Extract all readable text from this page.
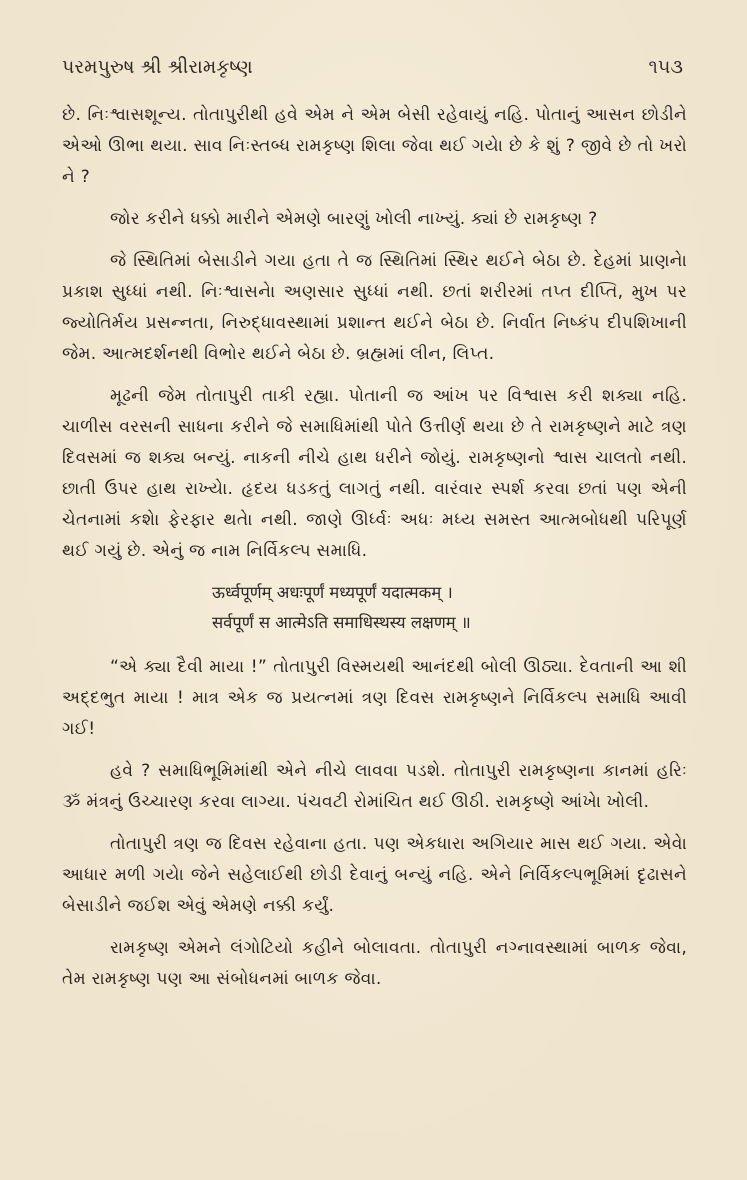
પરમપુરુષ શ્રી શ્રીરામકૃષ્ણ	૧૫૩

છે. નિઃશ્વાસશૂન્ય. તોતાપુરીથી હવે એમ ને એમ બેસી રહેવાયું નહિ. પોતાનું આસન છોડીને એઓ ઊભા થયા. સાવ નિઃસ્તબ્ધ રામકૃષ્ણ શિલા જેવા થઈ ગયેા છે કે શું ? જીવે છે તો ખરો ને ?

જોર કરીને ધક્કો મારીને એમણે બારણું ખોલી નાખ્યું. ક્યાં છે રામકૃષ્ણ ?

જે સ્થિતિમાં બેસાડીને ગયા હતા તે જ સ્થિતિમાં સ્થિર થઈને બેઠા છે. દેહમાં પ્રાણનેા પ્રકાશ સુધ્ધાં નથી. નિઃશ્વાસનેા અણસાર સુધ્ધાં નથી. છતાં શરીરમાં તપ્ત દીપ્તિ, મુખ પર જ્યોતિર્મય પ્રસન્નતા, નિરુદ્ધાવસ્થામાં પ્રશાન્ત થઈને બેઠા છે. નિર્વાત નિષ્કંપ દીપશિખાની જેમ. આત્મદર્શનથી વિભોર થઈને બેઠા છે. બ્રહ્મમાં લીન, લિપ્ત.

મૂઢની જેમ તોતાપુરી તાકી રહ્યા. પોતાની જ આંખ પર વિશ્વાસ કરી શક્યા નહિ. ચાળીસ વરસની સાધના કરીને જે સમાધિમાંથી પોતે ઉત્તીર્ણ થયા છે તે રામકૃષ્ણને માટે ત્રણ દિવસમાં જ શક્ય બન્યું. નાકની નીચે હાથ ધરીને જોયું. રામકૃષ્ણનો શ્વાસ ચાલતો નથી. છાતી ઉપર હાથ રાખ્યેા. હૃદય ધડકતું લાગતું નથી. વારંવાર સ્પર્શ કરવા છતાં પણ એની ચેતનામાં કશેા ફેરફાર થતેા નથી. જાણે ઊર્ધ્વઃ અધઃ મધ્ય સમસ્ત આત્મબોધથી પરિપૂર્ણ થઈ ગયું છે. એનું જ નામ નિર્વિકલ્પ સમાધિ.

ऊर्ध्वपूर्णम् अधःपूर्णं मध्यपूर्णं यदात्मकम् ।
सर्वपूर्णं स आत्मेऽति समाधिस्थस्य लक्षणम् ॥

“એ ક્યા દૈવી માયા !” તોતાપુરી વિસ્મયથી આનંદથી બોલી ઊઠ્યા. દેવતાની આ શી અદ્દભુત માયા ! માત્ર એક જ પ્રયત્નમાં ત્રણ દિવસ રામકૃષ્ણને નિર્વિકલ્પ સમાધિ આવી ગઈ!

હવે ? સમાધિભૂમિમાંથી એને નીચે લાવવા પડશે. તોતાપુરી રામકૃષ્ણના કાનમાં હરિઃ ૐ મંત્રનું ઉચ્ચારણ કરવા લાગ્યા. પંચવટી રોમાંચિત થઈ ઊઠી. રામકૃષ્ણે આંખેા ખોલી.

તોતાપુરી ત્રણ જ દિવસ રહેવાના હતા. પણ એકધારા અગિયાર માસ થઈ ગયા. એવેા આધાર મળી ગયેા જેને સહેલાઈથી છોડી દેવાનું બન્યું નહિ. એને નિર્વિકલ્પભૂમિમાં દૃઢાસને બેસાડીને જઈશ એવું એમણે નક્કી કર્યું.

રામકૃષ્ણ એમને લંગોટિયો કહીને બોલાવતા. તોતાપુરી નગ્નાવસ્થામાં બાળક જેવા, તેમ રામકૃષ્ણ પણ આ સંબોધનમાં બાળક જેવા.
